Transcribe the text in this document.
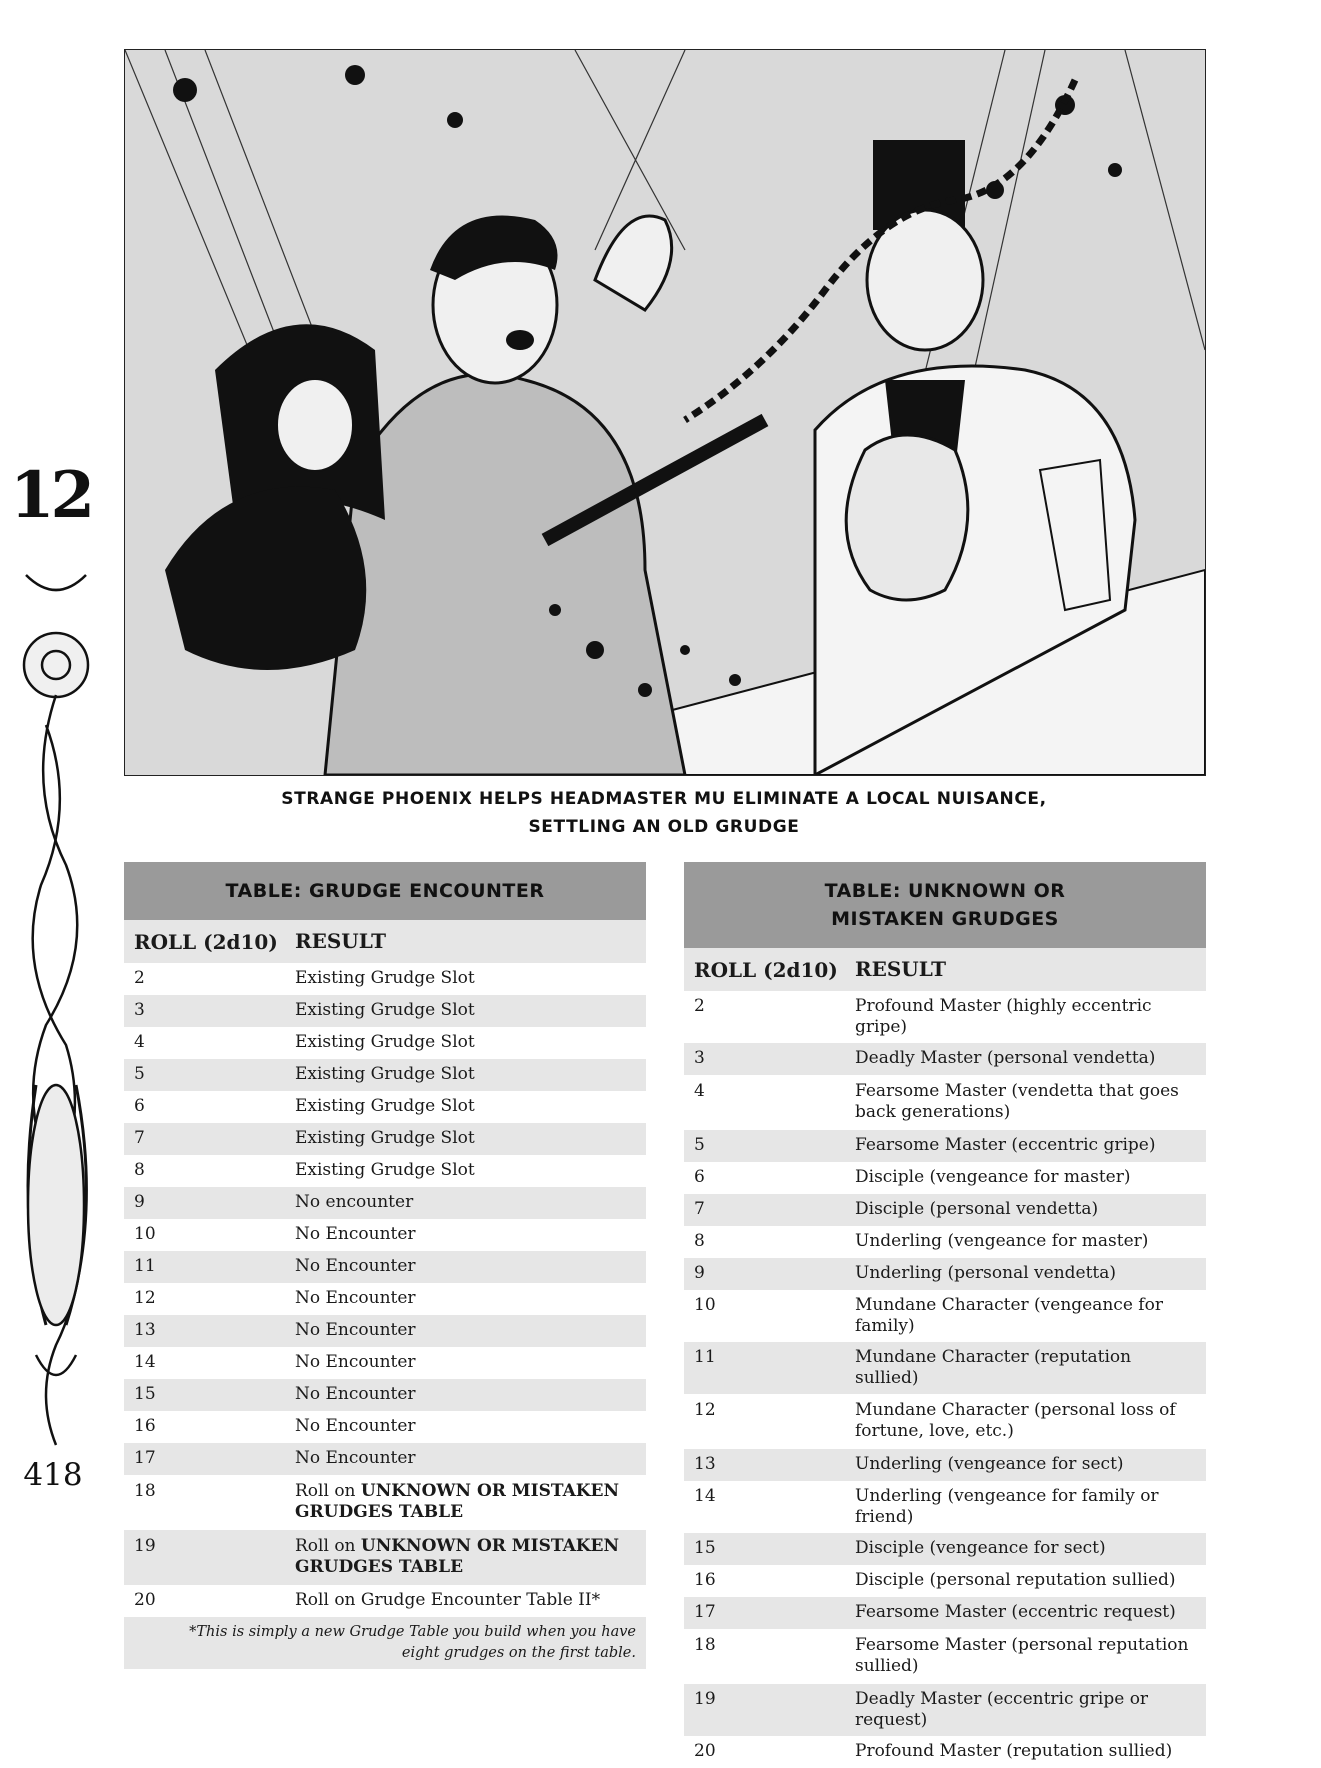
STRANGE PHOENIX HELPS HEADMASTER MU ELIMINATE A LOCAL NUISANCE,
SETTLING AN OLD GRUDGE
12
418
TABLE: GRUDGE ENCOUNTER
ROLL (2d10) RESULT
2	Existing Grudge Slot
3	Existing Grudge Slot
4	Existing Grudge Slot
5	Existing Grudge Slot
6	Existing Grudge Slot
7	Existing Grudge Slot
8	Existing Grudge Slot
9	No encounter
10	No Encounter
11	No Encounter
12	No Encounter
13	No Encounter
14	No Encounter
15	No Encounter
16	No Encounter
17	No Encounter
18	Roll on UNKNOWN OR MISTAKEN GRUDGES TABLE
19	Roll on UNKNOWN OR MISTAKEN GRUDGES TABLE
20	Roll on Grudge Encounter Table II*
*This is simply a new Grudge Table you build when you have
eight grudges on the first table.
TABLE: UNKNOWN OR
MISTAKEN GRUDGES
ROLL (2d10) RESULT
2	Profound Master (highly eccentric gripe)
3	Deadly Master (personal vendetta)
4	Fearsome Master (vendetta that goes back generations)
5	Fearsome Master (eccentric gripe)
6	Disciple (vengeance for master)
7	Disciple (personal vendetta)
8	Underling (vengeance for master)
9	Underling (personal vendetta)
10	Mundane Character (vengeance for family)
11	Mundane Character (reputation sullied)
12	Mundane Character (personal loss of fortune, love, etc.)
13	Underling (vengeance for sect)
14	Underling (vengeance for family or friend)
15	Disciple (vengeance for sect)
16	Disciple (personal reputation sullied)
17	Fearsome Master (eccentric request)
18	Fearsome Master (personal reputation sullied)
19	Deadly Master (eccentric gripe or request)
20	Profound Master (reputation sullied)
